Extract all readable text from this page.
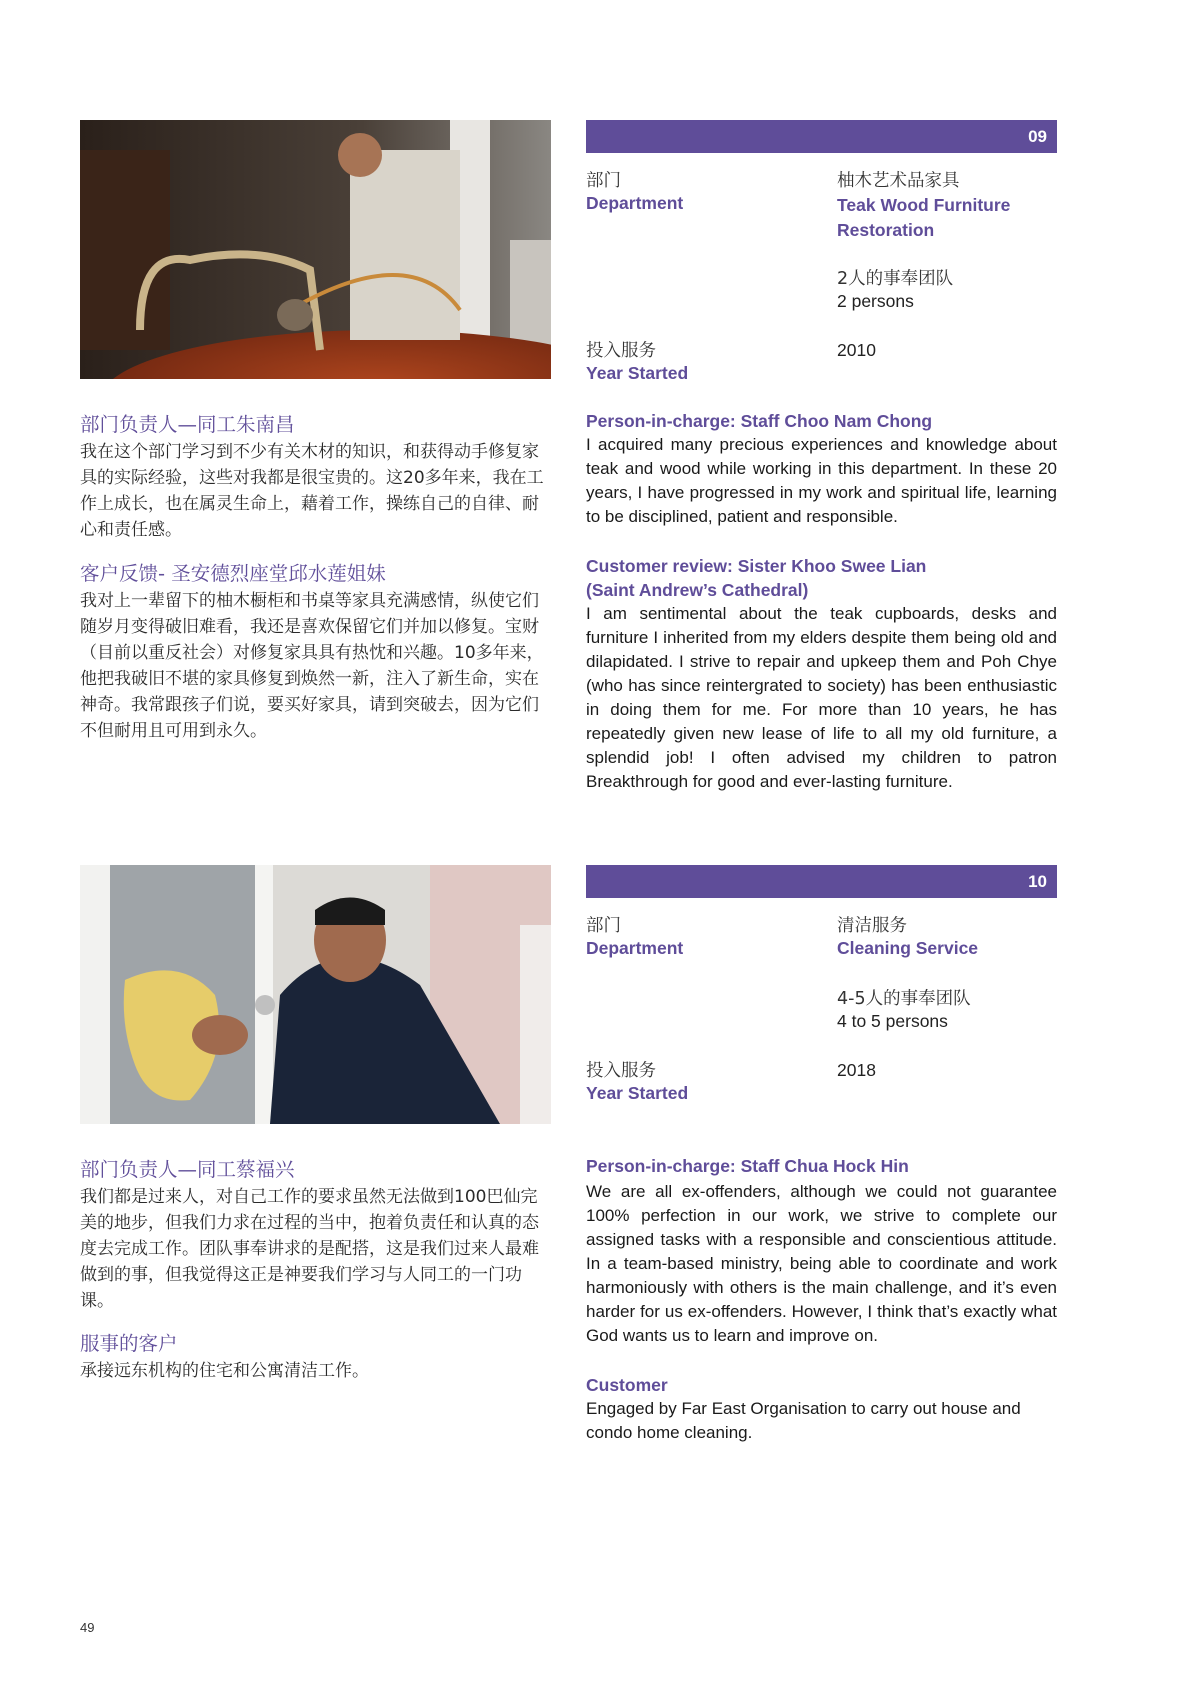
09
部门
Department
柚木艺术品家具
Teak Wood Furniture Restoration
2人的事奉团队
2 persons
投入服务
Year Started
2010
部门负责人—同工朱南昌
我在这个部门学习到不少有关木材的知识，和获得动手修复家具的实际经验，这些对我都是很宝贵的。这20多年来，我在工作上成长，也在属灵生命上，藉着工作，操练自己的自律、耐心和责任感。
客户反馈- 圣安德烈座堂邱水莲姐妹
我对上一辈留下的柚木橱柜和书桌等家具充满感情，纵使它们随岁月变得破旧难看，我还是喜欢保留它们并加以修复。宝财（目前以重反社会）对修复家具具有热忱和兴趣。10多年来，他把我破旧不堪的家具修复到焕然一新，注入了新生命，实在神奇。我常跟孩子们说，要买好家具，请到突破去，因为它们不但耐用且可用到永久。
Person-in-charge: Staff Choo Nam Chong
I acquired many precious experiences and knowledge about teak and wood while working in this department. In these 20 years, I have progressed in my work and spiritual life, learning to be disciplined, patient and responsible.
Customer review: Sister Khoo Swee Lian (Saint Andrew’s Cathedral)
I am sentimental about the teak cupboards, desks and furniture I inherited from my elders despite them being old and dilapidated. I strive to repair and upkeep them and Poh Chye (who has since reintergrated to society) has been enthusiastic in doing them for me. For more than 10 years, he has repeatedly given new lease of life to all my old furniture, a splendid job! I often advised my children to patron Breakthrough for good and ever-lasting furniture.
10
部门
Department
清洁服务
Cleaning Service
4-5人的事奉团队
4 to 5 persons
投入服务
Year Started
2018
部门负责人—同工蔡福兴
我们都是过来人，对自己工作的要求虽然无法做到100巴仙完美的地步，但我们力求在过程的当中，抱着负责任和认真的态度去完成工作。团队事奉讲求的是配搭，这是我们过来人最难做到的事，但我觉得这正是神要我们学习与人同工的一门功课。
服事的客户
承接远东机构的住宅和公寓清洁工作。
Person-in-charge: Staff Chua Hock Hin
We are all ex-offenders, although we could not guarantee 100% perfection in our work, we strive to complete our assigned tasks with a responsible and conscientious attitude. In a team-based ministry, being able to coordinate and work harmoniously with others is the main challenge, and it’s even harder for us ex-offenders. However, I think that’s exactly what God wants us to learn and improve on.
Customer
Engaged by Far East Organisation to carry out house and condo home cleaning.
49
